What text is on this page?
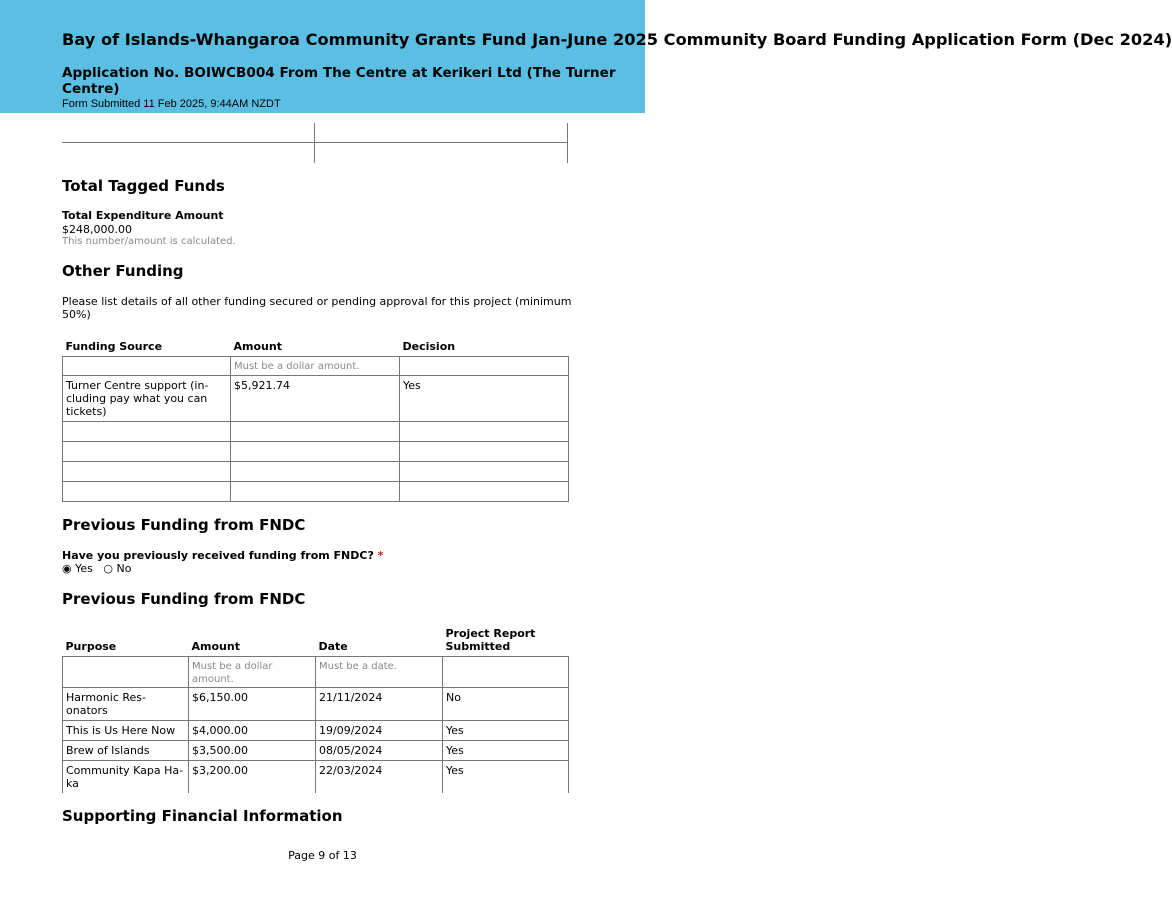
Bay of Islands-Whangaroa Community Grants Fund Jan-June 2025 Community Board Funding Application Form (Dec 2024)
Application No. BOIWCB004 From The Centre at Kerikeri Ltd (The Turner Centre)
Form Submitted 11 Feb 2025, 9:44AM NZDT
Total Tagged Funds
Total Expenditure Amount
$248,000.00
This number/amount is calculated.
Other Funding
Please list details of all other funding secured or pending approval for this project (minimum 50%)
Funding Source	Amount	Decision
	Must be a dollar amount.	
Turner Centre support (in-cluding pay what you can tickets)	$5,921.74	Yes

Previous Funding from FNDC
Have you previously received funding from FNDC? *
◉ Yes ○ No
Previous Funding from FNDC
Purpose	Amount	Date	Project Report Submitted
	Must be a dollar amount.	Must be a date.	
Harmonic Res-onators	$6,150.00	21/11/2024	No
This is Us Here Now	$4,000.00	19/09/2024	Yes
Brew of Islands	$3,500.00	08/05/2024	Yes
Community Kapa Ha-ka	$3,200.00	22/03/2024	Yes
Supporting Financial Information
Page 9 of 13
